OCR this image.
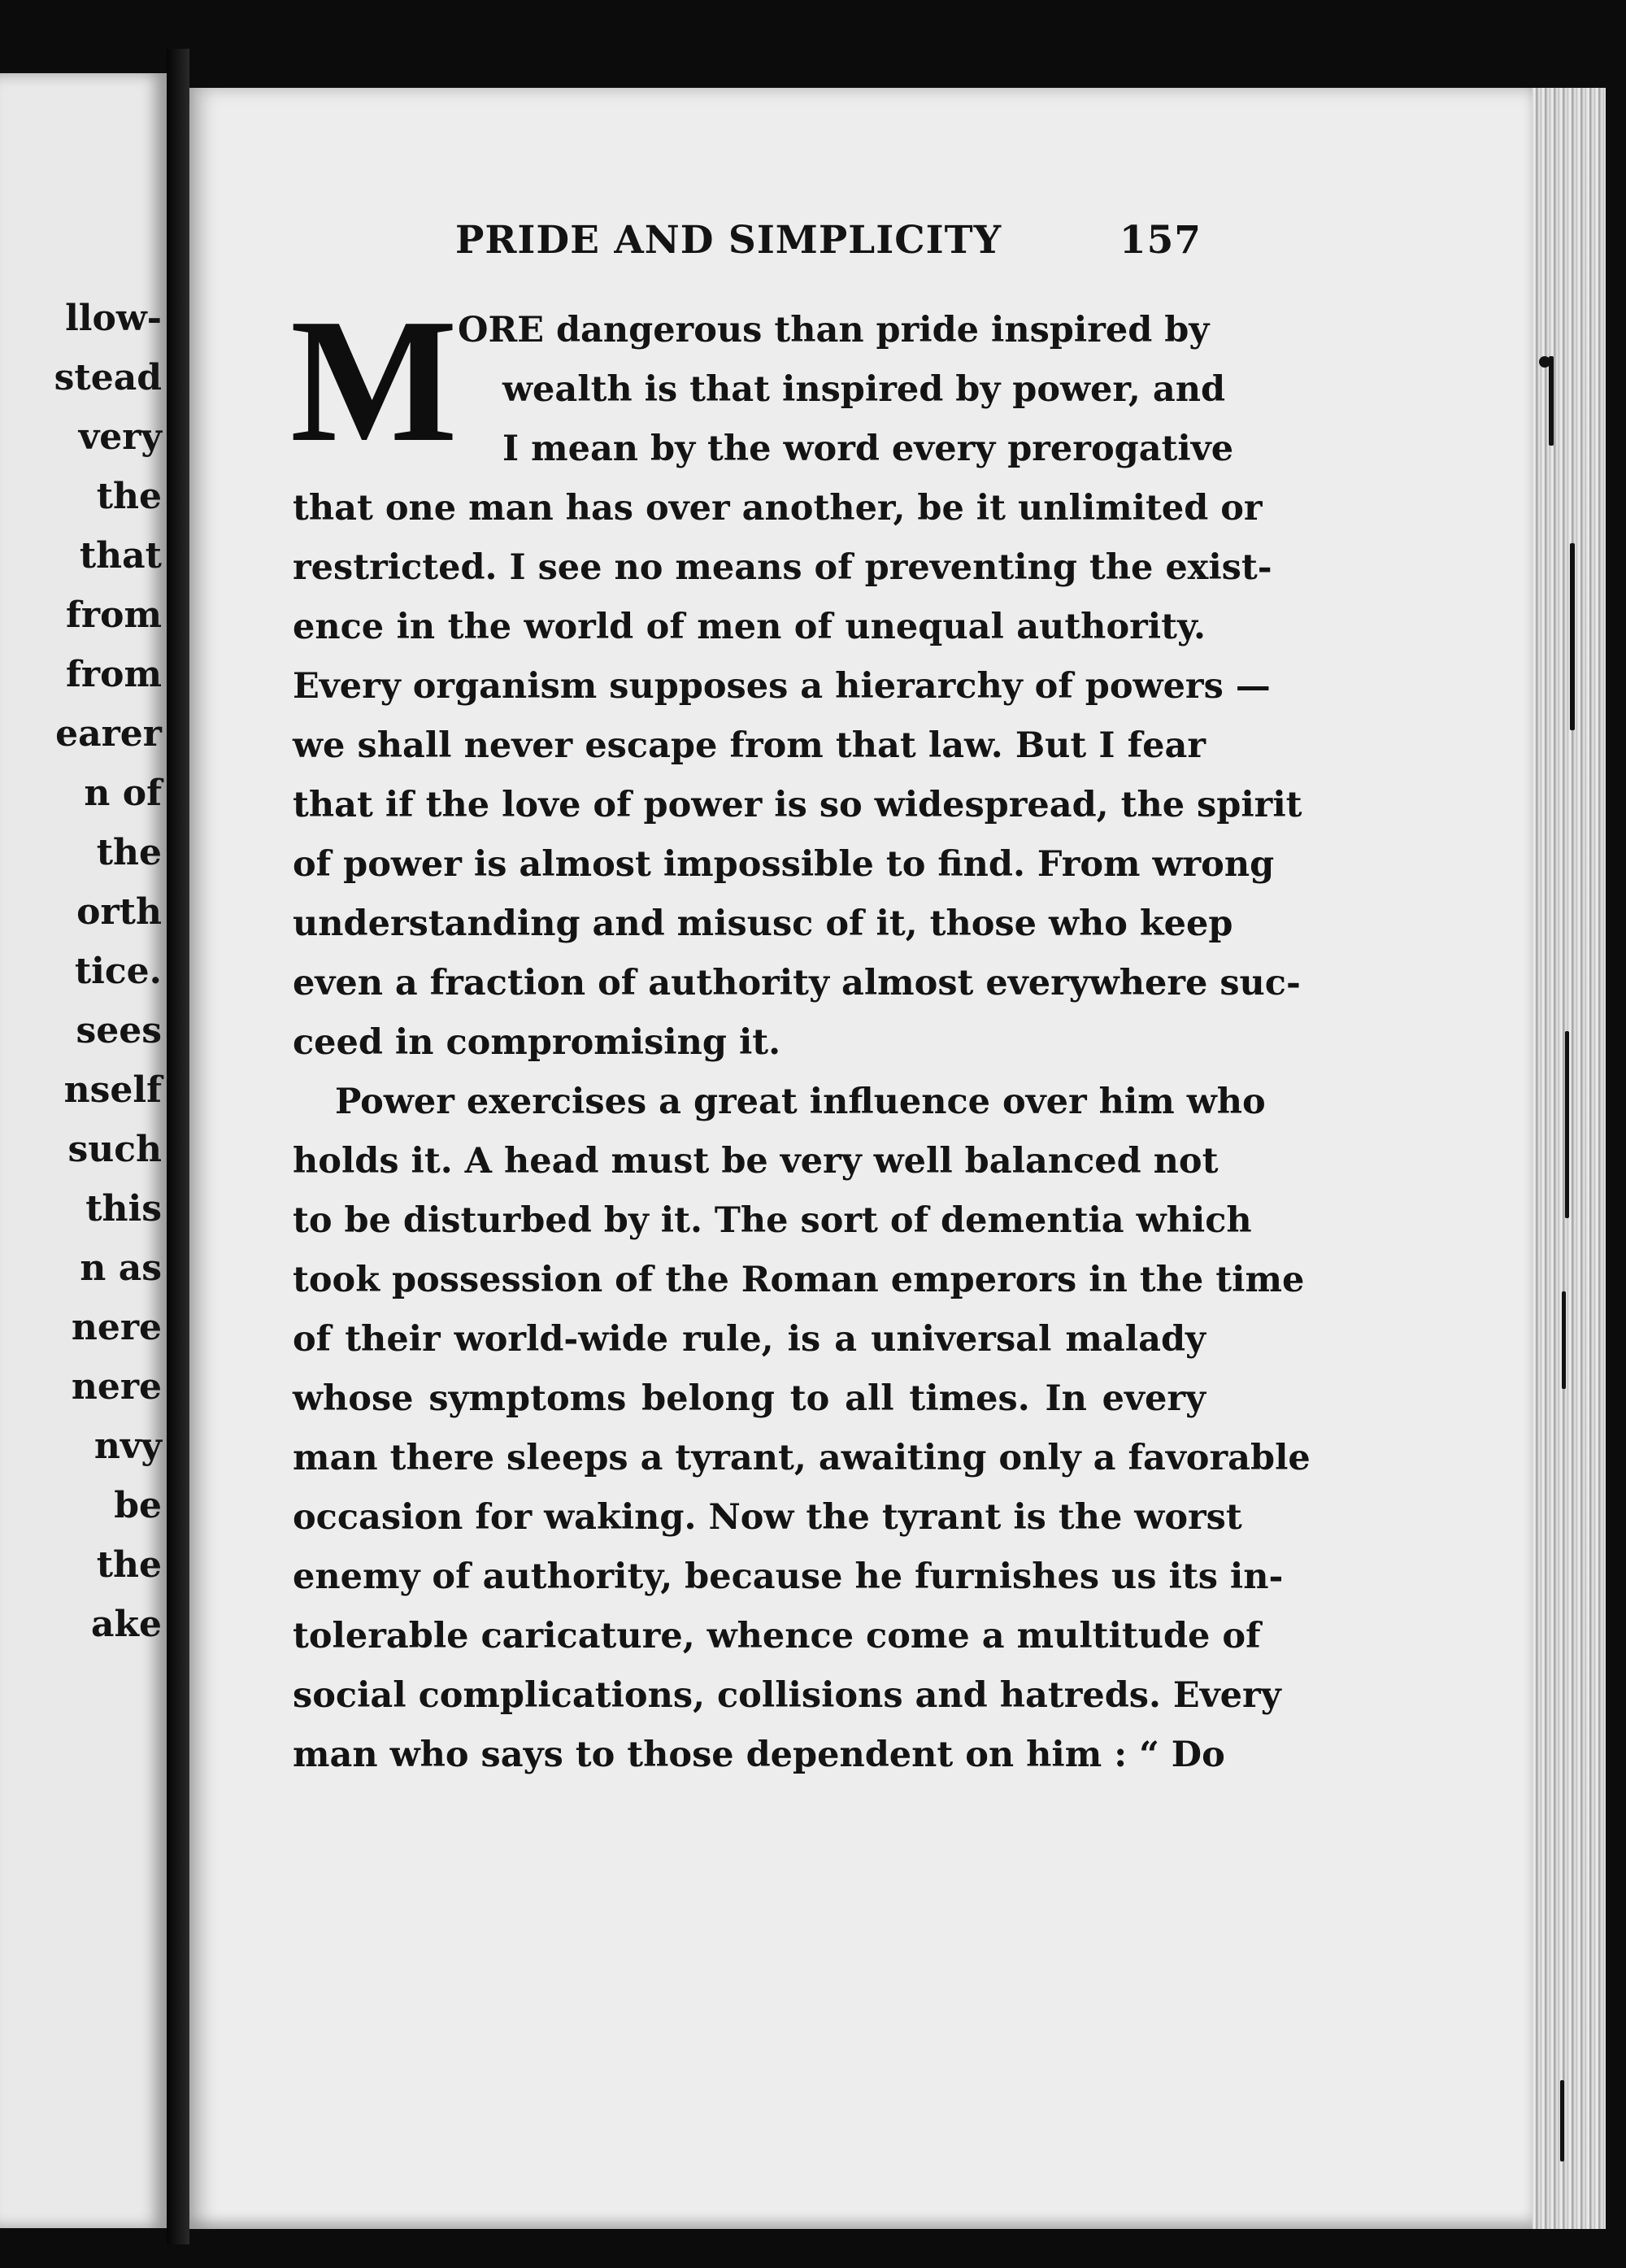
llow-
stead
very
the
that
from
from
earer
n of
the
orth
tice.
sees
nself
such
this
n as
nere
nere
nvy
be
the
ake
PRIDE AND SIMPLICITY	157
M ORE dangerous than pride inspired by
wealth is that inspired by power, and
I mean by the word every prerogative
that one man has over another, be it unlimited or
restricted. I see no means of preventing the exist-
ence in the world of men of unequal authority.
Every organism supposes a hierarchy of powers —
we shall never escape from that law. But I fear
that if the love of power is so widespread, the spirit
of power is almost impossible to find. From wrong
understanding and misusc of it, those who keep
even a fraction of authority almost everywhere suc-
ceed in compromising it.
Power exercises a great influence over him who
holds it. A head must be very well balanced not
to be disturbed by it. The sort of dementia which
took possession of the Roman emperors in the time
of their world-wide rule, is a universal malady
whose symptoms belong to all times. In every
man there sleeps a tyrant, awaiting only a favorable
occasion for waking. Now the tyrant is the worst
enemy of authority, because he furnishes us its in-
tolerable caricature, whence come a multitude of
social complications, collisions and hatreds. Every
man who says to those dependent on him : “ Do
